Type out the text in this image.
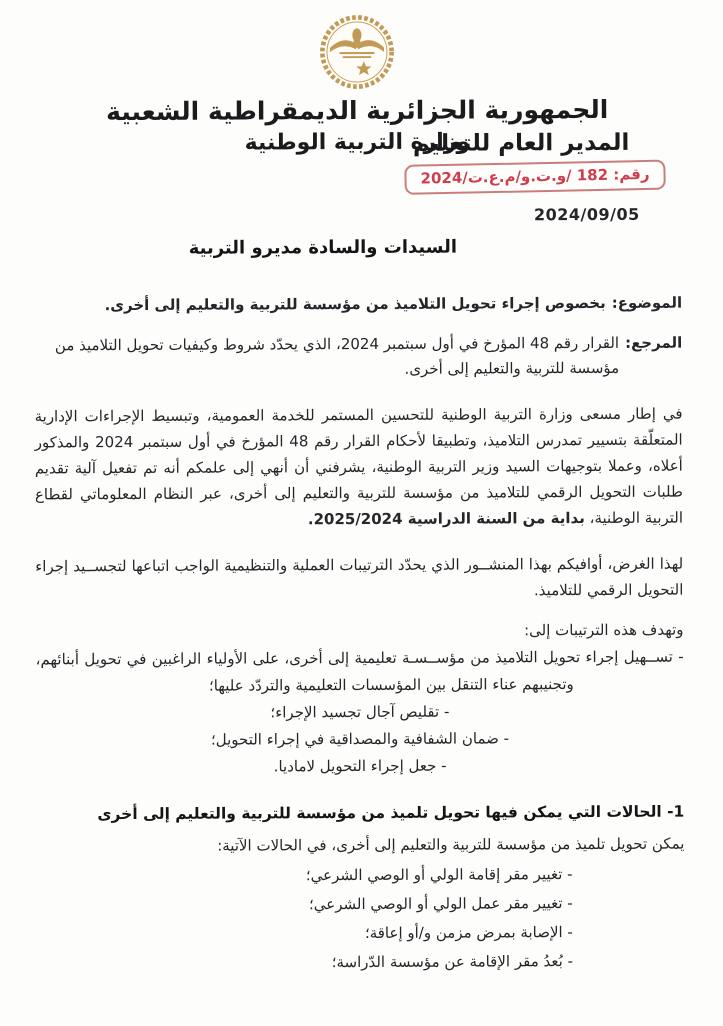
الجمهورية الجزائرية الديمقراطية الشعبية
وزارة التربية الوطنية
المدير العام للتعليم
رقم: 182 /و.ت.و/م.ع.ت/2024
2024/09/05
السيدات والسادة مديرو التربية

الموضوع:
بخصوص إجراء تحويل التلاميذ من مؤسسة للتربية والتعليم إلى أخرى.

المرجع:
القرار رقم 48 المؤرخ في أول سبتمبر 2024، الذي يحدّد شروط وكيفيات تحويل التلاميذ من مؤسسة للتربية والتعليم إلى أخرى.

في إطار مسعى وزارة التربية الوطنية للتحسين المستمر للخدمة العمومية، وتبسيط الإجراءات الإدارية المتعلّقة بتسيير تمدرس التلاميذ، وتطبيقا لأحكام القرار رقم 48 المؤرخ في أول سبتمبر 2024 والمذكور أعلاه، وعملا بتوجيهات السيد وزير التربية الوطنية، يشرفني أن أنهي إلى علمكم أنه تم تفعيل آلية تقديم طلبات التحويل الرقمي للتلاميذ من مؤسسة للتربية والتعليم إلى أخرى، عبر النظام المعلوماتي لقطاع التربية الوطنية، بداية من السنة الدراسية 2025/2024.

لهذا الغرض، أوافيكم بهذا المنشــور الذي يحدّد الترتيبات العملية والتنظيمية الواجب اتباعها لتجســيد إجراء التحويل الرقمي للتلاميذ.

وتهدف هذه الترتيبات إلى:

- تســهيل إجراء تحويل التلاميذ من مؤســسـة تعليمية إلى أخرى، على الأولياء الراغبين في تحويل أبنائهم، وتجنيبهم عناء التنقل بين المؤسسات التعليمية والتردّد عليها؛
- تقليص آجال تجسيد الإجراء؛
- ضمان الشفافية والمصداقية في إجراء التحويل؛
- جعل إجراء التحويل لاماديا.
1- الحالات التي يمكن فيها تحويل تلميذ من مؤسسة للتربية والتعليم إلى أخرى

يمكن تحويل تلميذ من مؤسسة للتربية والتعليم إلى أخرى، في الحالات الآتية:

- تغيير مقر إقامة الولي أو الوصي الشرعي؛
- تغيير مقر عمل الولي أو الوصي الشرعي؛
- الإصابة بمرض مزمن و/أو إعاقة؛
- بُعدُ مقر الإقامة عن مؤسسة الدّراسة؛
